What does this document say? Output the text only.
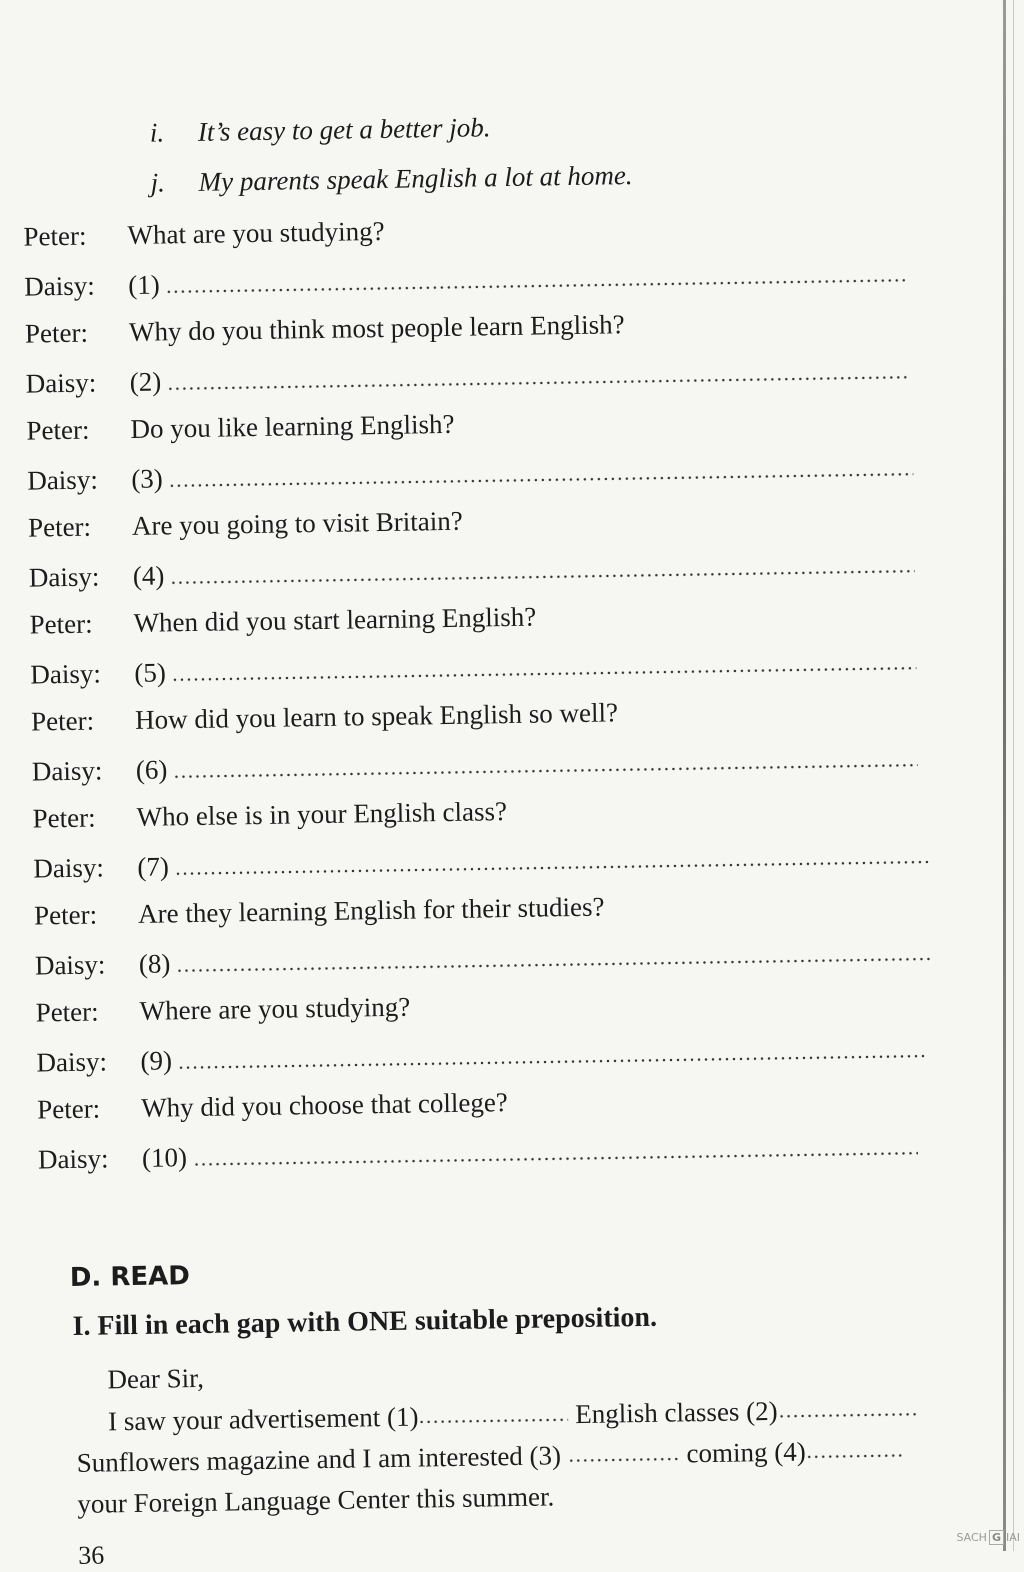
i. It’s easy to get a better job.
j. My parents speak English a lot at home.
Peter:	What are you studying?
Daisy:	(1)
Peter:	Why do you think most people learn English?
Daisy:	(2)
Peter:	Do you like learning English?
Daisy:	(3)
Peter:	Are you going to visit Britain?
Daisy:	(4)
Peter:	When did you start learning English?
Daisy:	(5)
Peter:	How did you learn to speak English so well?
Daisy:	(6)
Peter:	Who else is in your English class?
Daisy:	(7)
Peter:	Are they learning English for their studies?
Daisy:	(8)
Peter:	Where are you studying?
Daisy:	(9)
Peter:	Why did you choose that college?
Daisy:	(10)
D. READ
I. Fill in each gap with ONE suitable preposition.
Dear Sir,
I saw your advertisement (1)	English classes (2)
Sunflowers magazine and I am interested (3)	coming (4)
your Foreign Language Center this summer.
36
SACH G IAI
